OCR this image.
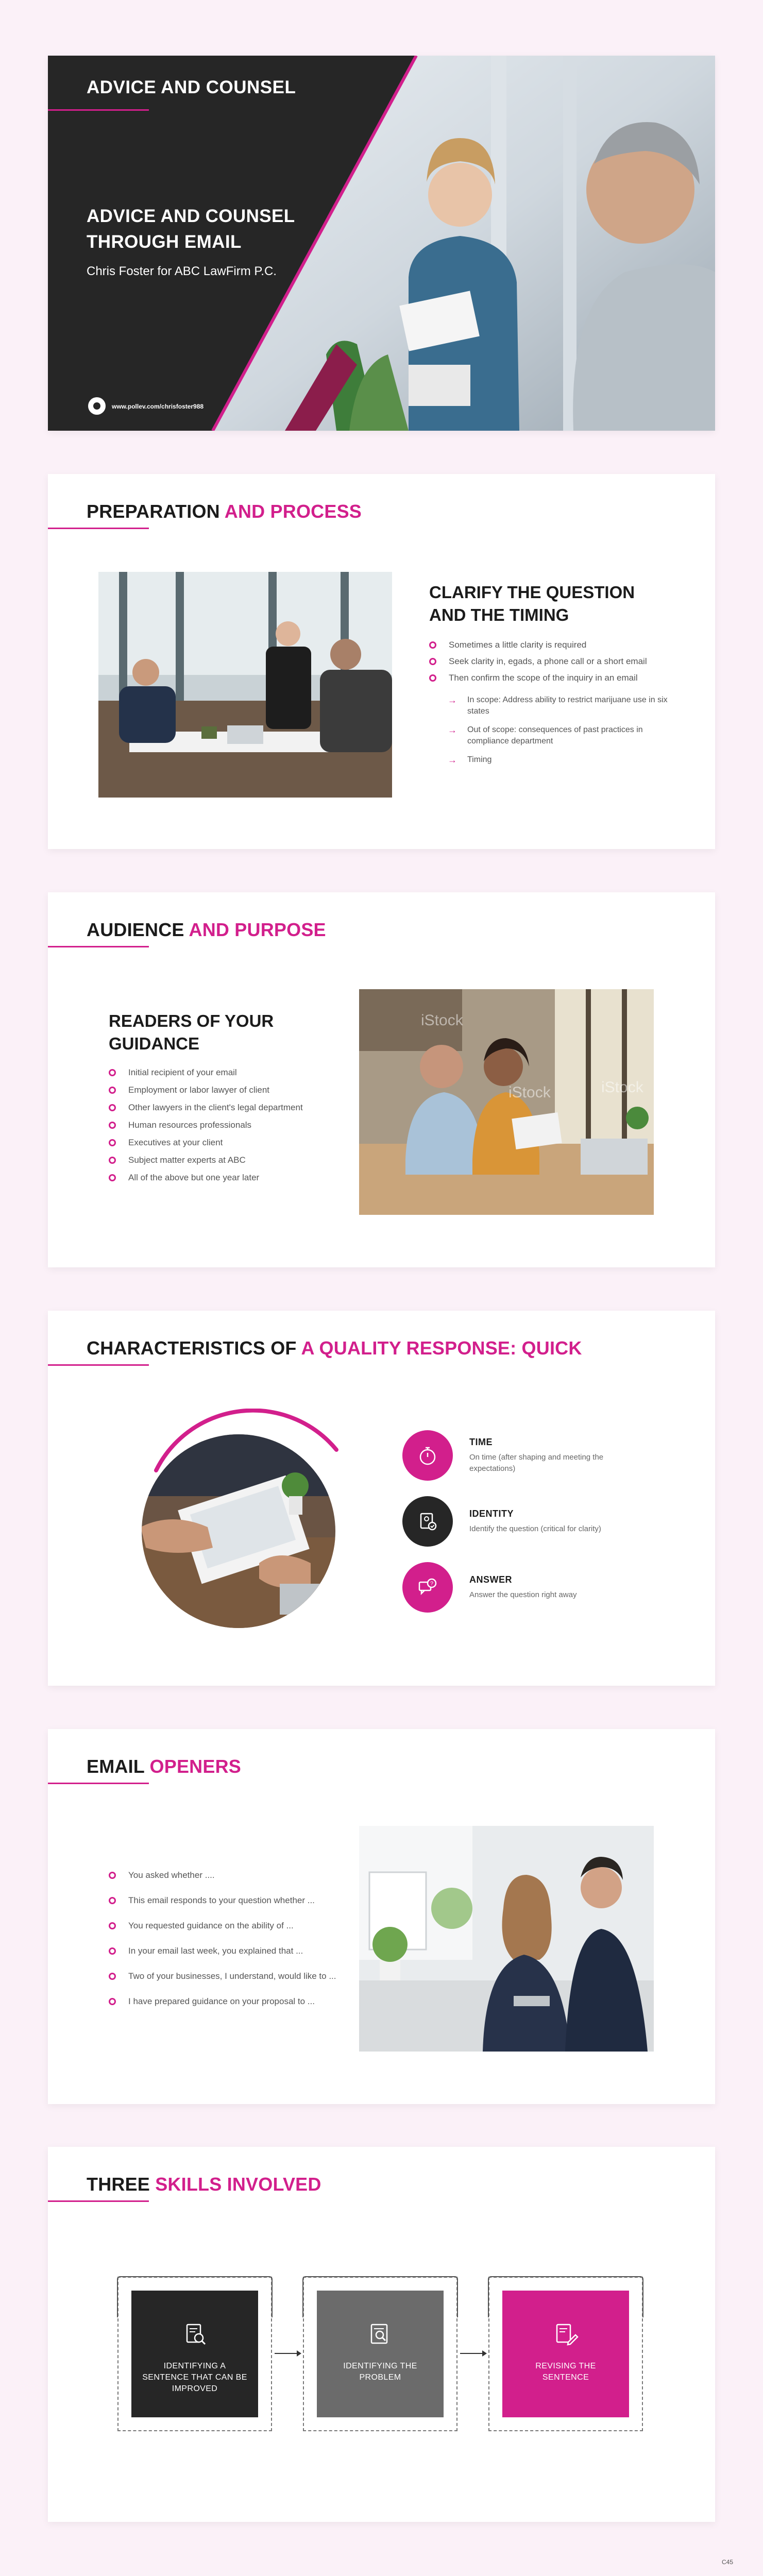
ADVICE AND COUNSEL
ADVICE AND COUNSEL
THROUGH EMAIL
Chris Foster for ABC LawFirm P.C.
www.pollev.com/chrisfoster988
PREPARATION AND PROCESS
CLARIFY THE QUESTION
AND THE TIMING
Sometimes a little clarity is required
Seek clarity in, egads, a phone call or a short email
Then confirm the scope of the inquiry in an email
→ In scope: Address ability to restrict marijuane use in six states
→ Out of scope: consequences of past practices in compliance department
→ Timing
AUDIENCE AND PURPOSE
READERS OF YOUR
GUIDANCE
Initial recipient of your email
Employment or labor lawyer of client
Other lawyers in the client's legal department
Human resources professionals
Executives at your client
Subject matter experts at ABC
All of the above but one year later
iStock
iStock	iStock
CHARACTERISTICS OF A QUALITY RESPONSE: QUICK
TIME
On time (after shaping and meeting the expectations)
IDENTITY
Identify the question (critical for clarity)
?	ANSWER
Answer the question right away
EMAIL OPENERS
You asked whether ....
This email responds to your question whether ...
You requested guidance on the ability of ...
In your email last week, you explained that ...
Two of your businesses, I understand, would like to ...
I have prepared guidance on your proposal to ...
THREE SKILLS INVOLVED
IDENTIFYING A SENTENCE THAT CAN BE IMPROVED
IDENTIFYING THE PROBLEM
REVISING THE SENTENCE
C45
